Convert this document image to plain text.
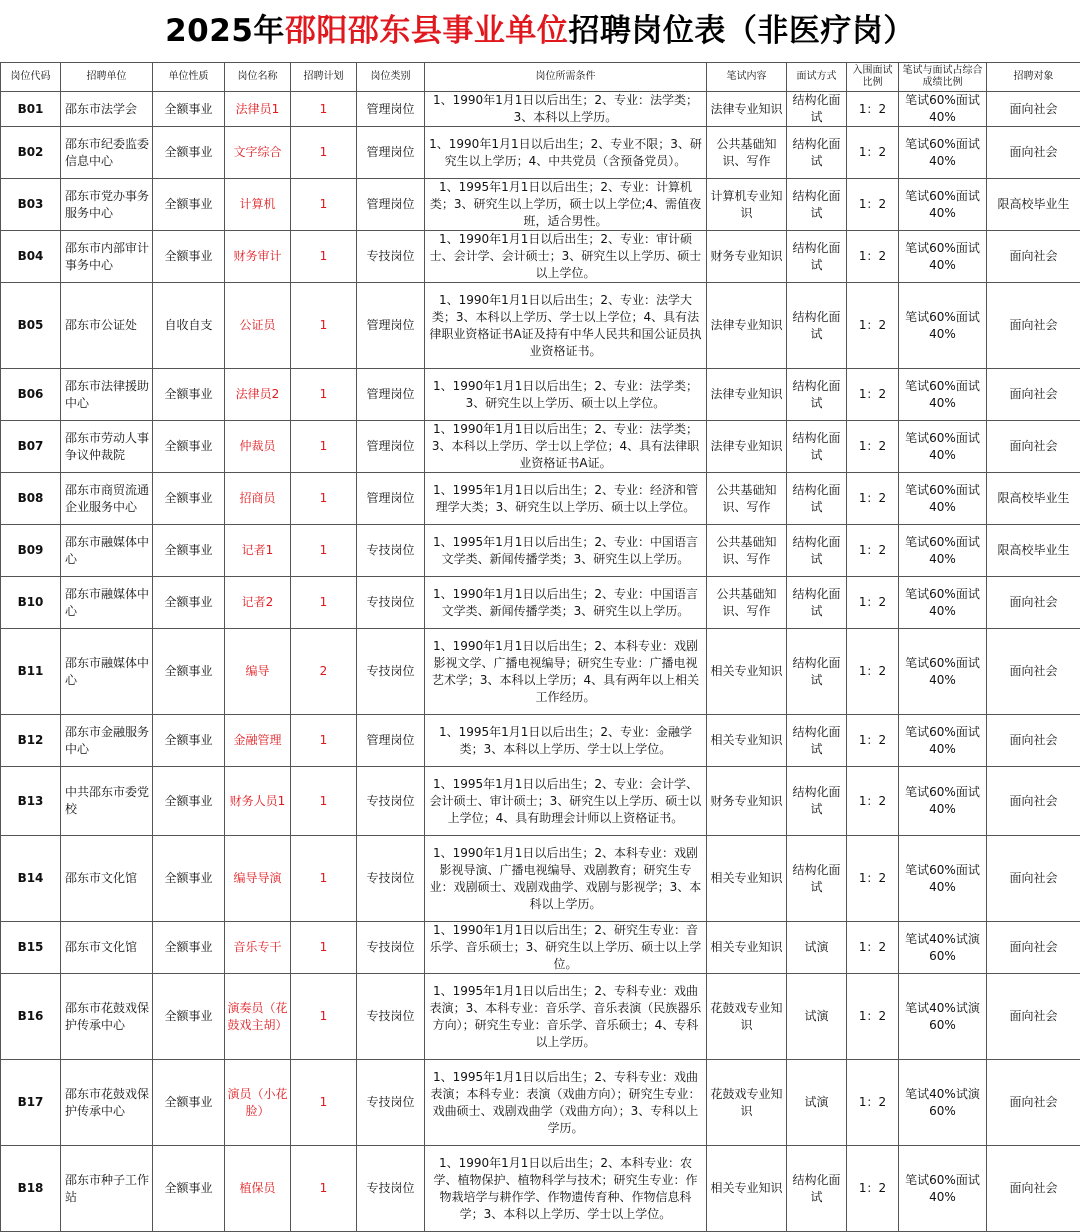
2025年邵阳邵东县事业单位招聘岗位表（非医疗岗）
岗位代码	招聘单位	单位性质	岗位名称	招聘计划	岗位类别	岗位所需条件	笔试内容	面试方式	入围面试比例	笔试与面试占综合成绩比例	招聘对象
B01	邵东市法学会	全额事业	法律员1	1	管理岗位	1、1990年1月1日以后出生；2、专业：法学类；3、本科以上学历。	法律专业知识	结构化面试	1：2	笔试60%面试40%	面向社会
B02	邵东市纪委监委信息中心	全额事业	文字综合	1	管理岗位	1、1990年1月1日以后出生；2、专业不限；3、研究生以上学历；4、中共党员（含预备党员）。	公共基础知识、写作	结构化面试	1：2	笔试60%面试40%	面向社会
B03	邵东市党办事务服务中心	全额事业	计算机	1	管理岗位	1、1995年1月1日以后出生；2、专业：计算机类；3、研究生以上学历，硕士以上学位;4、需值夜班，适合男性。	计算机专业知识	结构化面试	1：2	笔试60%面试40%	限高校毕业生
B04	邵东市内部审计事务中心	全额事业	财务审计	1	专技岗位	1、1990年1月1日以后出生；2、专业：审计硕士、会计学、会计硕士；3、研究生以上学历、硕士以上学位。	财务专业知识	结构化面试	1：2	笔试60%面试40%	面向社会
B05	邵东市公证处	自收自支	公证员	1	管理岗位	1、1990年1月1日以后出生；2、专业：法学大类；3、本科以上学历、学士以上学位；4、具有法律职业资格证书A证及持有中华人民共和国公证员执业资格证书。	法律专业知识	结构化面试	1：2	笔试60%面试40%	面向社会
B06	邵东市法律援助中心	全额事业	法律员2	1	管理岗位	1、1990年1月1日以后出生；2、专业：法学类；3、研究生以上学历、硕士以上学位。	法律专业知识	结构化面试	1：2	笔试60%面试40%	面向社会
B07	邵东市劳动人事争议仲裁院	全额事业	仲裁员	1	管理岗位	1、1990年1月1日以后出生；2、专业：法学类；3、本科以上学历、学士以上学位；4、具有法律职业资格证书A证。	法律专业知识	结构化面试	1：2	笔试60%面试40%	面向社会
B08	邵东市商贸流通企业服务中心	全额事业	招商员	1	管理岗位	1、1995年1月1日以后出生；2、专业：经济和管理学大类；3、研究生以上学历、硕士以上学位。	公共基础知识、写作	结构化面试	1：2	笔试60%面试40%	限高校毕业生
B09	邵东市融媒体中心	全额事业	记者1	1	专技岗位	1、1995年1月1日以后出生；2、专业：中国语言文学类、新闻传播学类；3、研究生以上学历。	公共基础知识、写作	结构化面试	1：2	笔试60%面试40%	限高校毕业生
B10	邵东市融媒体中心	全额事业	记者2	1	专技岗位	1、1990年1月1日以后出生；2、专业：中国语言文学类、新闻传播学类；3、研究生以上学历。	公共基础知识、写作	结构化面试	1：2	笔试60%面试40%	面向社会
B11	邵东市融媒体中心	全额事业	编导	2	专技岗位	1、1990年1月1日以后出生；2、本科专业：戏剧影视文学、广播电视编导；研究生专业：广播电视艺术学；3、本科以上学历；4、具有两年以上相关工作经历。	相关专业知识	结构化面试	1：2	笔试60%面试40%	面向社会
B12	邵东市金融服务中心	全额事业	金融管理	1	管理岗位	1、1995年1月1日以后出生；2、专业：金融学类；3、本科以上学历、学士以上学位。	相关专业知识	结构化面试	1：2	笔试60%面试40%	面向社会
B13	中共邵东市委党校	全额事业	财务人员1	1	专技岗位	1、1995年1月1日以后出生；2、专业：会计学、会计硕士、审计硕士；3、研究生以上学历、硕士以上学位；4、具有助理会计师以上资格证书。	财务专业知识	结构化面试	1：2	笔试60%面试40%	面向社会
B14	邵东市文化馆	全额事业	编导导演	1	专技岗位	1、1990年1月1日以后出生；2、本科专业：戏剧影视导演、广播电视编导、戏剧教育；研究生专业：戏剧硕士、戏剧戏曲学、戏剧与影视学；3、本科以上学历。	相关专业知识	结构化面试	1：2	笔试60%面试40%	面向社会
B15	邵东市文化馆	全额事业	音乐专干	1	专技岗位	1、1990年1月1日以后出生；2、研究生专业：音乐学、音乐硕士；3、研究生以上学历、硕士以上学位。	相关专业知识	试演	1：2	笔试40%试演60%	面向社会
B16	邵东市花鼓戏保护传承中心	全额事业	演奏员（花鼓戏主胡）	1	专技岗位	1、1995年1月1日以后出生；2、专科专业：戏曲表演；3、本科专业：音乐学、音乐表演（民族器乐方向）；研究生专业：音乐学、音乐硕士；4、专科以上学历。	花鼓戏专业知识	试演	1：2	笔试40%试演60%	面向社会
B17	邵东市花鼓戏保护传承中心	全额事业	演员（小花脸）	1	专技岗位	1、1995年1月1日以后出生；2、专科专业：戏曲表演；本科专业：表演（戏曲方向）；研究生专业：戏曲硕士、戏剧戏曲学（戏曲方向）；3、专科以上学历。	花鼓戏专业知识	试演	1：2	笔试40%试演60%	面向社会
B18	邵东市种子工作站	全额事业	植保员	1	专技岗位	1、1990年1月1日以后出生；2、本科专业：农学、植物保护、植物科学与技术；研究生专业：作物栽培学与耕作学、作物遗传育种、作物信息科学；3、本科以上学历、学士以上学位。	相关专业知识	结构化面试	1：2	笔试60%面试40%	面向社会
